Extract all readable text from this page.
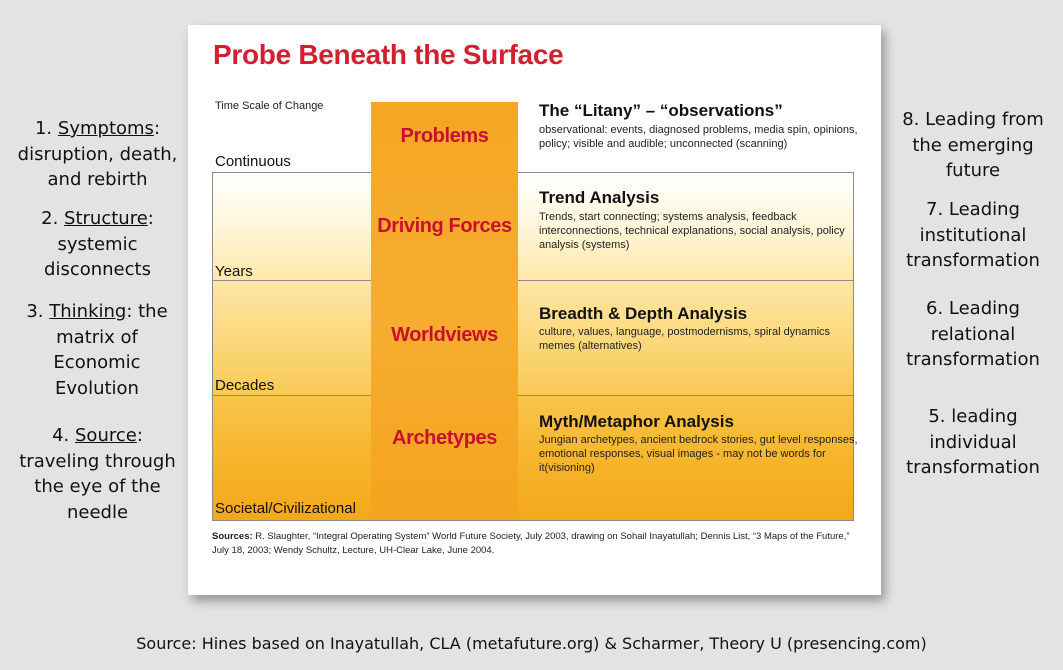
1. Symptoms: disruption, death, and rebirth
2. Structure: systemic disconnects
3. Thinking: the matrix of Economic Evolution
4. Source: traveling through the eye of the needle
8. Leading from the emerging future
7. Leading institutional transformation
6. Leading relational transformation
5. leading individual transformation
Probe Beneath the Surface
Time Scale of Change
Continuous
Years
Decades
Societal/Civilizational
Problems
Driving Forces
Worldviews
Archetypes
The “Litany” – “observations”
observational: events, diagnosed problems, media spin, opinions, policy; visible and audible; unconnected (scanning)
Trend Analysis
Trends, start connecting; systems analysis, feedback interconnections, technical explanations, social analysis, policy analysis (systems)
Breadth & Depth Analysis
culture, values, language, postmodernisms, spiral dynamics memes (alternatives)
Myth/Metaphor Analysis
Jungian archetypes, ancient bedrock stories, gut level responses, emotional responses, visual images - may not be words for it(visioning)
Sources: R. Slaughter, “Integral Operating System” World Future Society, July 2003, drawing on Sohail Inayatullah; Dennis List, “3 Maps of the Future,” July 18, 2003; Wendy Schultz, Lecture, UH-Clear Lake, June 2004.
Source: Hines based on Inayatullah, CLA (metafuture.org) & Scharmer, Theory U (presencing.com)
